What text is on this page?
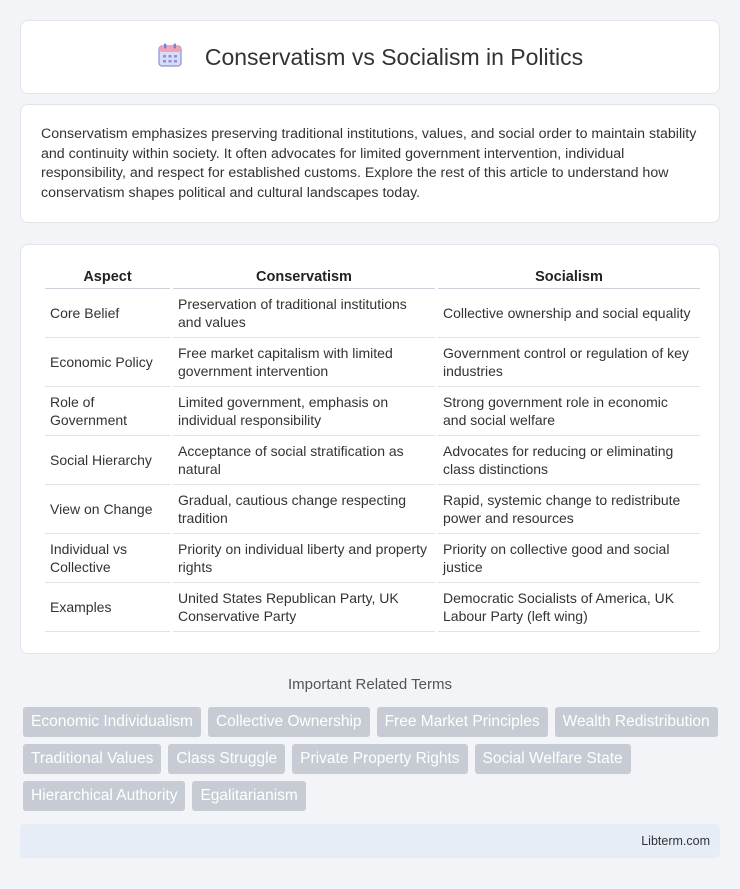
Conservatism vs Socialism in Politics

Conservatism emphasizes preserving traditional institutions, values, and social order to maintain stability and continuity within society. It often advocates for limited government intervention, individual responsibility, and respect for established customs. Explore the rest of this article to understand how conservatism shapes political and cultural landscapes today.

Aspect	Conservatism	Socialism
Core Belief	Preservation of traditional institutions and values	Collective ownership and social equality
Economic Policy	Free market capitalism with limited government intervention	Government control or regulation of key industries
Role of Government	Limited government, emphasis on individual responsibility	Strong government role in economic and social welfare
Social Hierarchy	Acceptance of social stratification as natural	Advocates for reducing or eliminating class distinctions
View on Change	Gradual, cautious change respecting tradition	Rapid, systemic change to redistribute power and resources
Individual vs Collective	Priority on individual liberty and property rights	Priority on collective good and social justice
Examples	United States Republican Party, UK Conservative Party	Democratic Socialists of America, UK Labour Party (left wing)
Important Related Terms
Economic Individualism	Collective Ownership	Free Market Principles	Wealth Redistribution
Traditional Values	Class Struggle	Private Property Rights	Social Welfare State
Hierarchical Authority	Egalitarianism
Libterm.com
